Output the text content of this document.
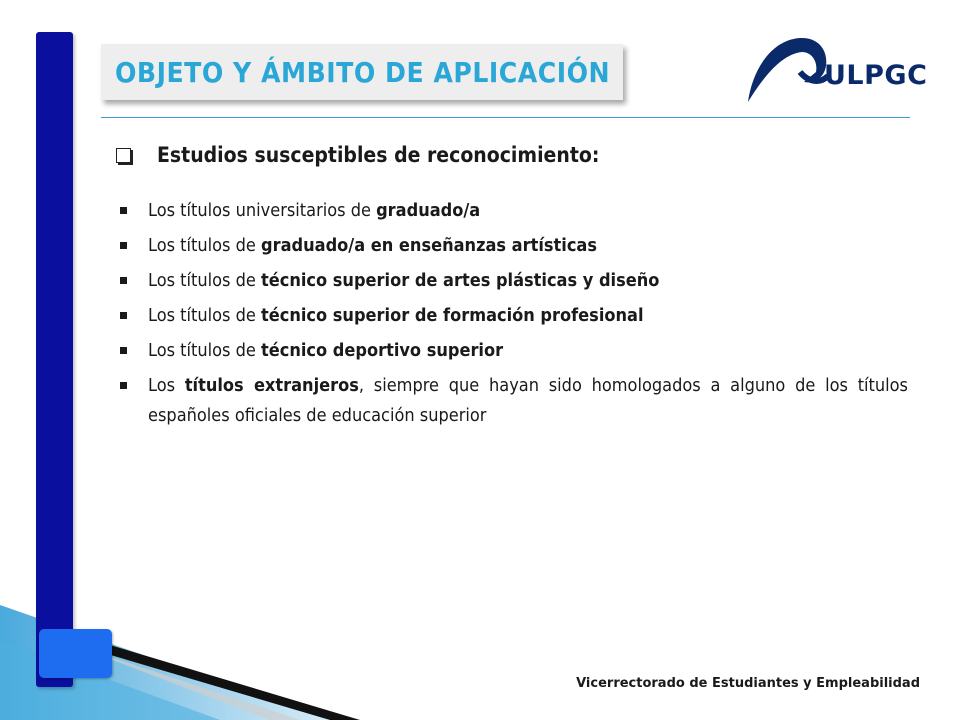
OBJETO Y ÁMBITO DE APLICACIÓN	ULPGC
Estudios susceptibles de reconocimiento:
Los títulos universitarios de graduado/a
Los títulos de graduado/a en enseñanzas artísticas
Los títulos de técnico superior de artes plásticas y diseño
Los títulos de técnico superior de formación profesional
Los títulos de técnico deportivo superior
Los títulos extranjeros, siempre que hayan sido homologados a alguno de los títulos españoles oficiales de educación superior
Vicerrectorado de Estudiantes y Empleabilidad
